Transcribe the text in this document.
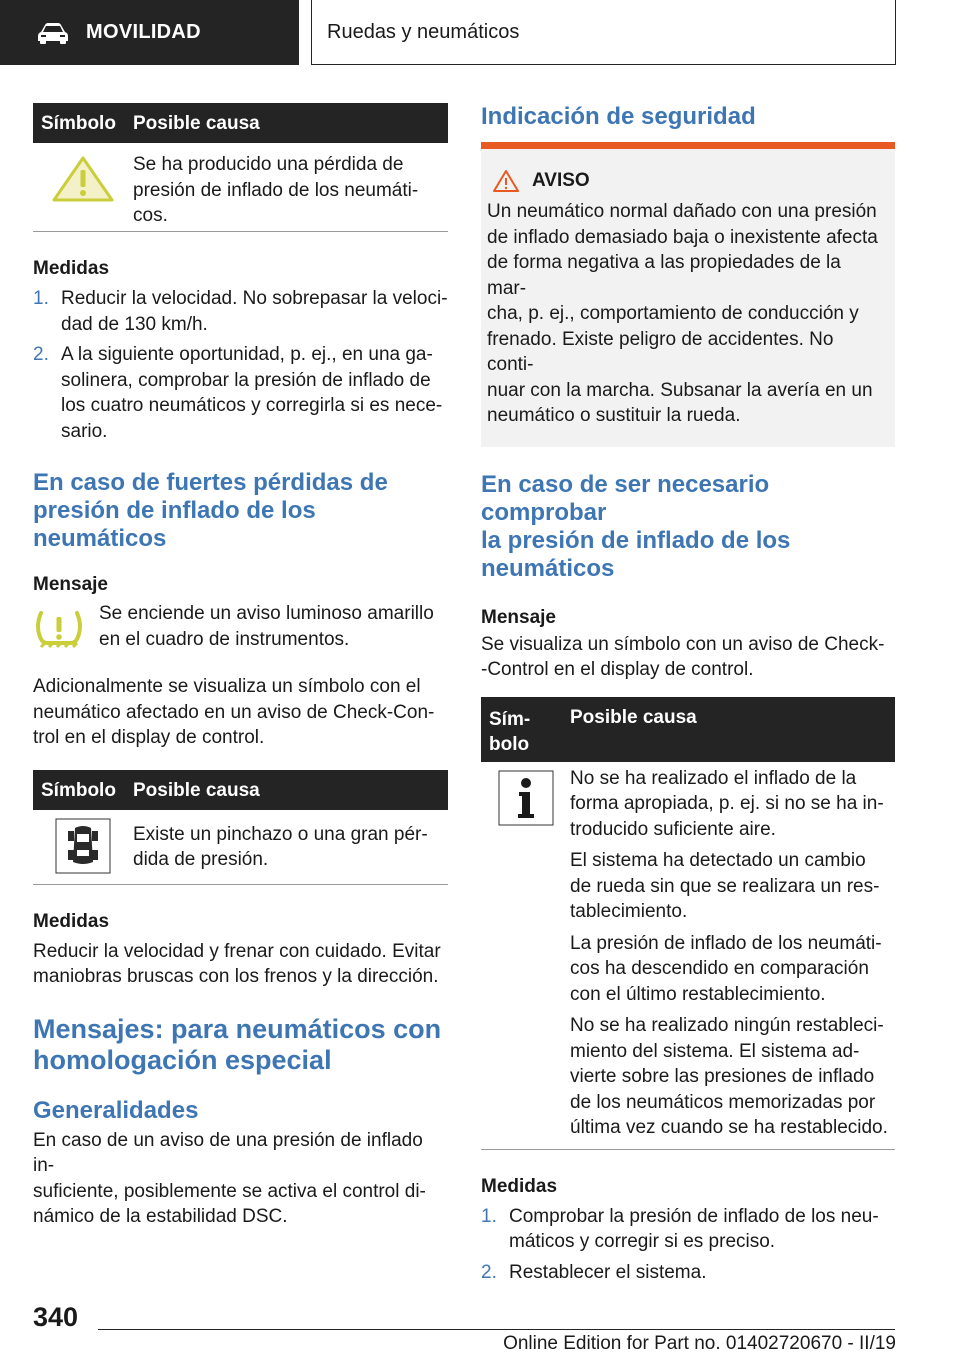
MOVILIDAD	Ruedas y neumáticos
Símbolo Posible causa
Se ha producido una pérdida de
presión de inflado de los neumáti-
cos.
Medidas
1. Reducir la velocidad. No sobrepasar la veloci-
dad de 130 km/h.
2. A la siguiente oportunidad, p. ej., en una ga-
solinera, comprobar la presión de inflado de
los cuatro neumáticos y corregirla si es nece-
sario.
En caso de fuertes pérdidas de
presión de inflado de los neumáticos
Mensaje

Se enciende un aviso luminoso amarillo

en el cuadro de instrumentos.

Adicionalmente se visualiza un símbolo con el

neumático afectado en un aviso de Check-Con-

trol en el display de control.

Símbolo Posible causa
Existe un pinchazo o una gran pér-
dida de presión.
Medidas

Reducir la velocidad y frenar con cuidado. Evitar

maniobras bruscas con los frenos y la dirección.

Mensajes: para neumáticos con
homologación especial
Generalidades

En caso de un aviso de una presión de inflado in-

suficiente, posiblemente se activa el control di-

námico de la estabilidad DSC.

Indicación de seguridad
AVISO

Un neumático normal dañado con una presión

de inflado demasiado baja o inexistente afecta

de forma negativa a las propiedades de la mar-

cha, p. ej., comportamiento de conducción y

frenado. Existe peligro de accidentes. No conti-

nuar con la marcha. Subsanar la avería en un

neumático o sustituir la rueda.

En caso de ser necesario comprobar
la presión de inflado de los
neumáticos
Mensaje

Se visualiza un símbolo con un aviso de Check-

-Control en el display de control.

Sím-
bolo
Posible causa
No se ha realizado el inflado de la
forma apropiada, p. ej. si no se ha in-
troducido suficiente aire.
El sistema ha detectado un cambio
de rueda sin que se realizara un res-
tablecimiento.
La presión de inflado de los neumáti-
cos ha descendido en comparación
con el último restablecimiento.
No se ha realizado ningún restableci-
miento del sistema. El sistema ad-
vierte sobre las presiones de inflado
de los neumáticos memorizadas por
última vez cuando se ha restablecido.
Medidas
1. Comprobar la presión de inflado de los neu-
máticos y corregir si es preciso.
2. Restablecer el sistema.
340
Online Edition for Part no. 01402720670 - II/19
